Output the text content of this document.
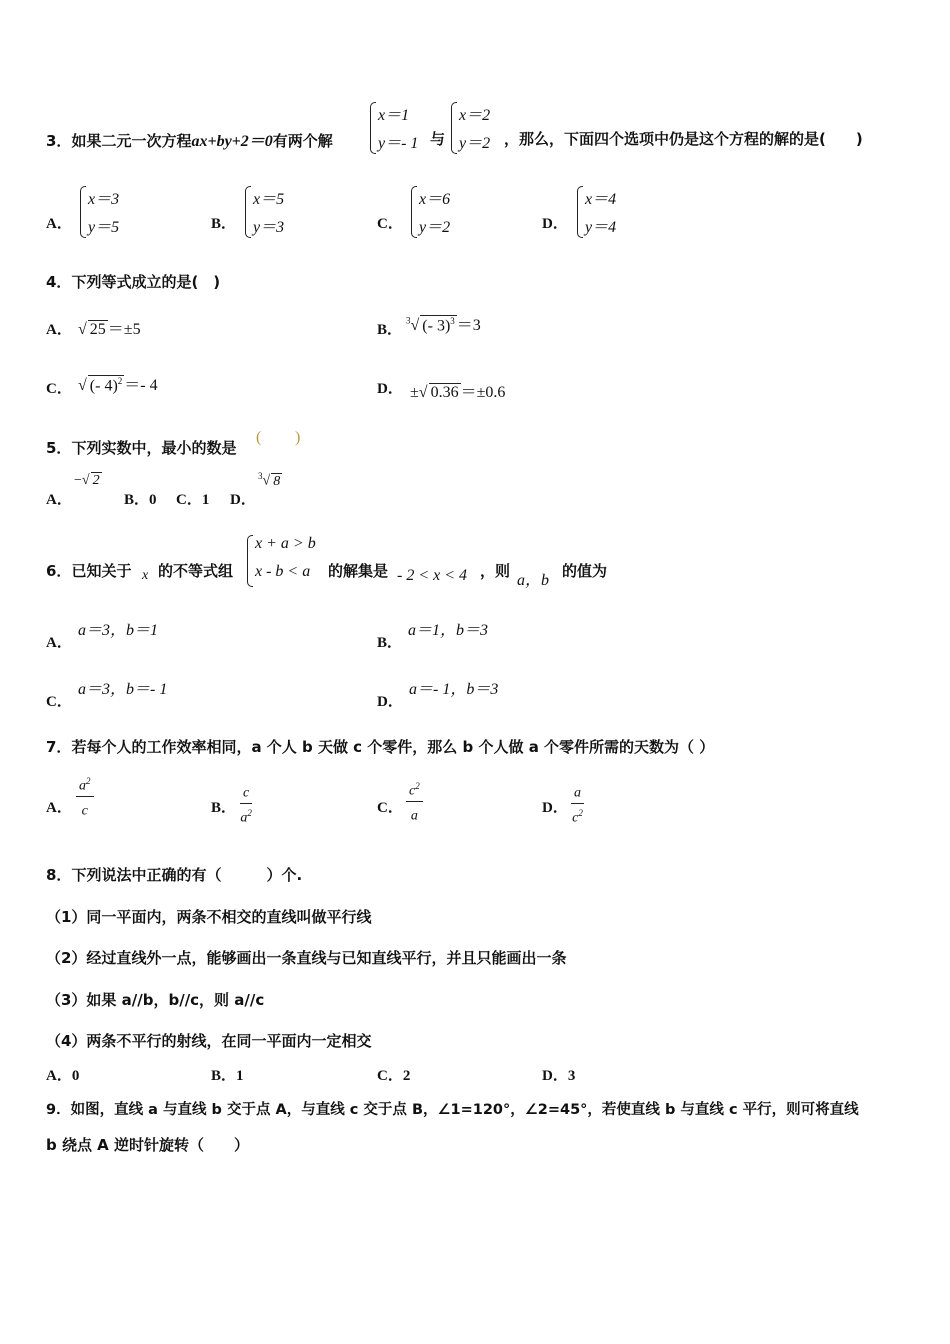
3．如果二元一次方程ax+by+2＝0有两个解
x＝1
y＝- 1 与
x＝2
y＝2 ，那么，下面四个选项中仍是这个方程的解的是(　　)
A．
x＝3
y＝5	B．
x＝5
y＝3	C．
x＝6
y＝2	D．
x＝4
y＝4
4．下列等式成立的是(　)
A． √ 25 ＝±5	B．
$^3$√ (- 3)$^3$ ＝3
C． √ (- 4)$^2$ ＝- 4	D． ±√ 0.36 ＝±0.6
5．下列实数中，最小的数是
( )
A．
−√ 2
B．0 C．1 D．
$^3$√ 8
6．已知关于 x 的不等式组
x + a > b
x - b < a 的解集是 - 2 < x < 4 ，则
a，b
的值为
A．
a＝3，b＝1
B．
a＝1，b＝3
C．
a＝3，b＝- 1
D．
a＝- 1，b＝3
7．若每个人的工作效率相同，a 个人 b 天做 c 个零件，那么 b 个人做 a 个零件所需的天数为（ ）
A． $\frac{a^2}{c}$	B． $\frac{c}{a^2}$	C． $\frac{c^2}{a}$	D． $\frac{a}{c^2}$
8．下列说法中正确的有（　　　）个.
（1）同一平面内，两条不相交的直线叫做平行线
（2）经过直线外一点，能够画出一条直线与已知直线平行，并且只能画出一条
（3）如果 a//b，b//c，则 a//c
（4）两条不平行的射线，在同一平面内一定相交
A．0	B．1	C．2	D．3
9．如图，直线 a 与直线 b 交于点 A，与直线 c 交于点 B，∠1=120°，∠2=45°，若使直线 b 与直线 c 平行，则可将直线
b 绕点 A 逆时针旋转（　　）
